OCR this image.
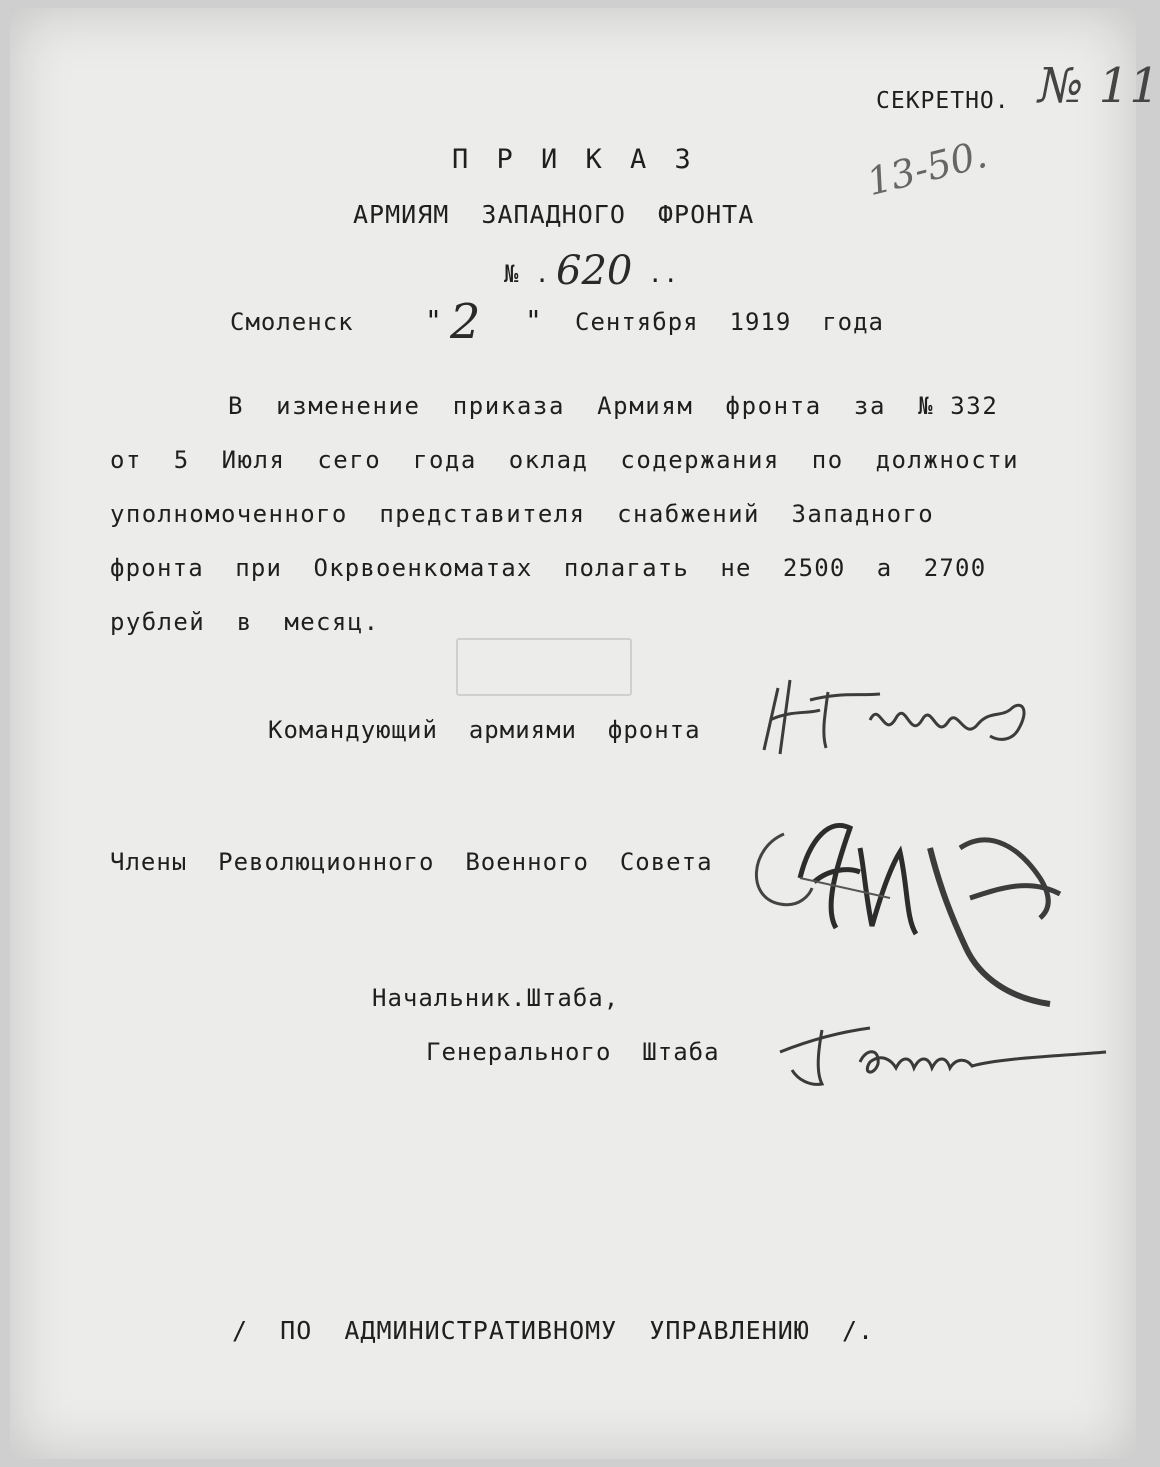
СЕКРЕТНО. № 11
П Р И К А З
АРМИЯМ  ЗАПАДНОГО  ФРОНТА
№ . 620 ..
13-50.
Смоленск	" 2 " Сентября  1919  года
В  изменение  приказа  Армиям  фронта  за  № 332
от  5  Июля  сего  года  оклад  содержания  по  должности
уполномоченного  представителя  снабжений  Западного
фронта  при  Окрвоенкоматах  полагать  не  2500  а  2700
рублей  в  месяц.
Командующий  армиями  фронта
Члены  Революционного  Военного  Совета
Начальник.Штаба,
Генерального  Штаба
/  ПО  АДМИНИСТРАТИВНОМУ  УПРАВЛЕНИЮ  /.
